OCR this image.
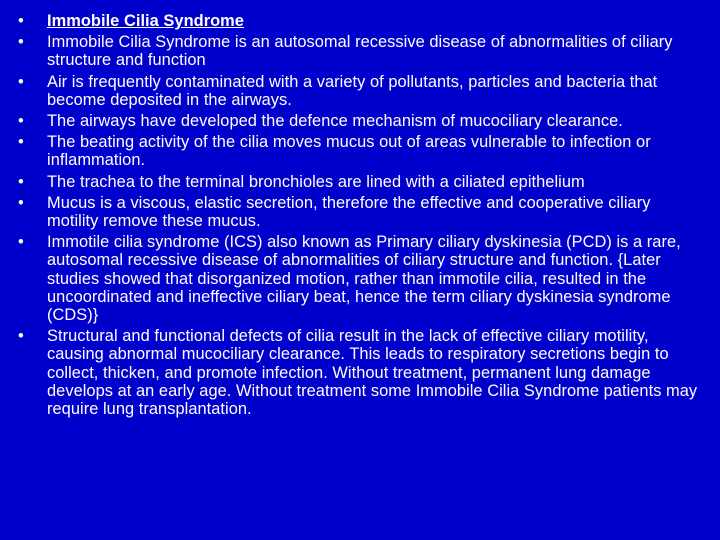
•	Immobile Cilia Syndrome
•	Immobile Cilia Syndrome is an autosomal recessive disease of abnormalities of ciliary structure and function
•	Air is frequently contaminated with a variety of pollutants, particles and bacteria that become deposited in the airways.
•	The airways have developed the defence mechanism of mucociliary clearance.
•	The beating activity of the cilia moves mucus out of areas vulnerable to infection or inflammation.
•	The trachea to the terminal bronchioles are lined with a ciliated epithelium
•	Mucus is a viscous, elastic secretion, therefore the effective and cooperative ciliary motility remove these mucus.
•	Immotile cilia syndrome (ICS) also known as Primary ciliary dyskinesia (PCD) is a rare, autosomal recessive disease of abnormalities of ciliary structure and function. {Later studies showed that disorganized motion, rather than immotile cilia, resulted in the uncoordinated and ineffective ciliary beat, hence the term ciliary dyskinesia syndrome (CDS)}
•	Structural and functional defects of cilia result in the lack of effective ciliary motility, causing abnormal mucociliary clearance. This leads to respiratory secretions begin to collect, thicken, and promote infection. Without treatment, permanent lung damage develops at an early age. Without treatment some Immobile Cilia Syndrome patients may require lung transplantation.
